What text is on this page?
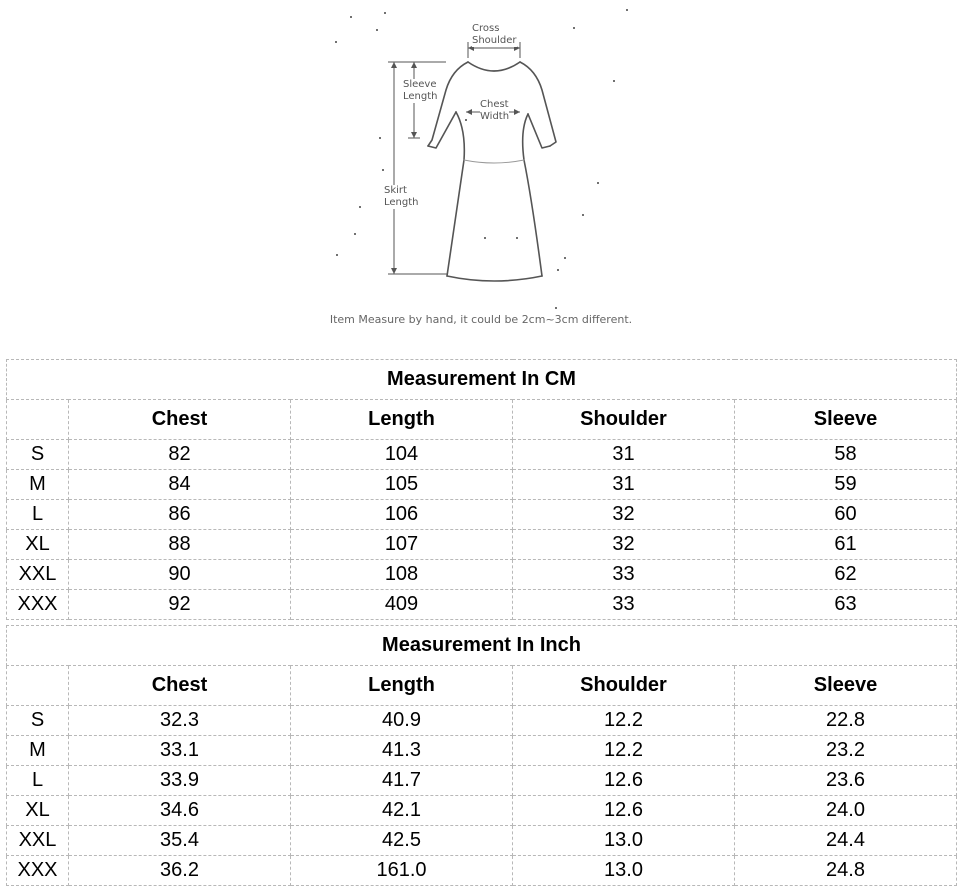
Cross
Shoulder
Sleeve
Length
Chest
Width
Skirt
Length
Item Measure by hand, it could be 2cm~3cm different.
Measurement In CM				
	Chest	Length	Shoulder	Sleeve
S	82	104	31	58
M	84	105	31	59
L	86	106	32	60
XL	88	107	32	61
XXL	90	108	33	62
XXX	92	409	33	63
Measurement In Inch				
	Chest	Length	Shoulder	Sleeve
S	32.3	40.9	12.2	22.8
M	33.1	41.3	12.2	23.2
L	33.9	41.7	12.6	23.6
XL	34.6	42.1	12.6	24.0
XXL	35.4	42.5	13.0	24.4
XXX	36.2	161.0	13.0	24.8
